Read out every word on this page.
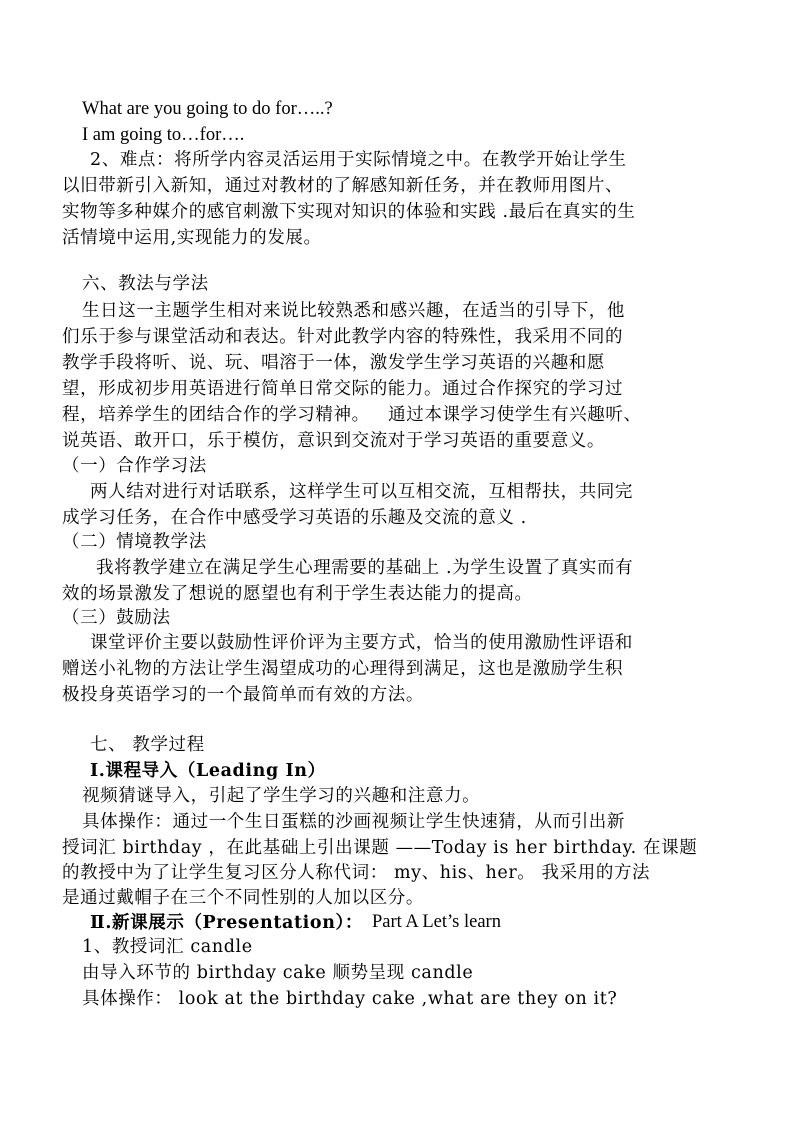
What are you going to do for…..?
I am going to…for….
2、难点：将所学内容灵活运用于实际情境之中。在教学开始让学生
以旧带新引入新知，通过对教材的了解感知新任务，并在教师用图片、
实物等多种媒介的感官刺激下实现对知识的体验和实践 .最后在真实的生
活情境中运用,实现能力的发展。
六、教法与学法
生日这一主题学生相对来说比较熟悉和感兴趣，在适当的引导下，他
们乐于参与课堂活动和表达。针对此教学内容的特殊性，我采用不同的
教学手段将听、说、玩、唱溶于一体，激发学生学习英语的兴趣和愿
望，形成初步用英语进行简单日常交际的能力。通过合作探究的学习过
程，培养学生的团结合作的学习精神。   通过本课学习使学生有兴趣听、
说英语、敢开口，乐于模仿，意识到交流对于学习英语的重要意义。
（一）合作学习法
两人结对进行对话联系，这样学生可以互相交流，互相帮扶，共同完
成学习任务，在合作中感受学习英语的乐趣及交流的意义 .
（二）情境教学法
我将教学建立在满足学生心理需要的基础上 .为学生设置了真实而有
效的场景激发了想说的愿望也有利于学生表达能力的提高。
（三）鼓励法
课堂评价主要以鼓励性评价评为主要方式，恰当的使用激励性评语和
赠送小礼物的方法让学生渴望成功的心理得到满足，这也是激励学生积
极投身英语学习的一个最简单而有效的方法。
七、 教学过程
Ⅰ.课程导入（Leading In）
视频猜谜导入，引起了学生学习的兴趣和注意力。
具体操作：通过一个生日蛋糕的沙画视频让学生快速猜，从而引出新
授词汇 birthday ，在此基础上引出课题 ——Today is her birthday. 在课题
的教授中为了让学生复习区分人称代词： my、his、her。 我采用的方法
是通过戴帽子在三个不同性别的人加以区分。
Ⅱ.新课展示（Presentation）： Part A Let’s learn
1、教授词汇 candle
由导入环节的 birthday cake 顺势呈现 candle
具体操作： look at the birthday cake ,what are they on it?
